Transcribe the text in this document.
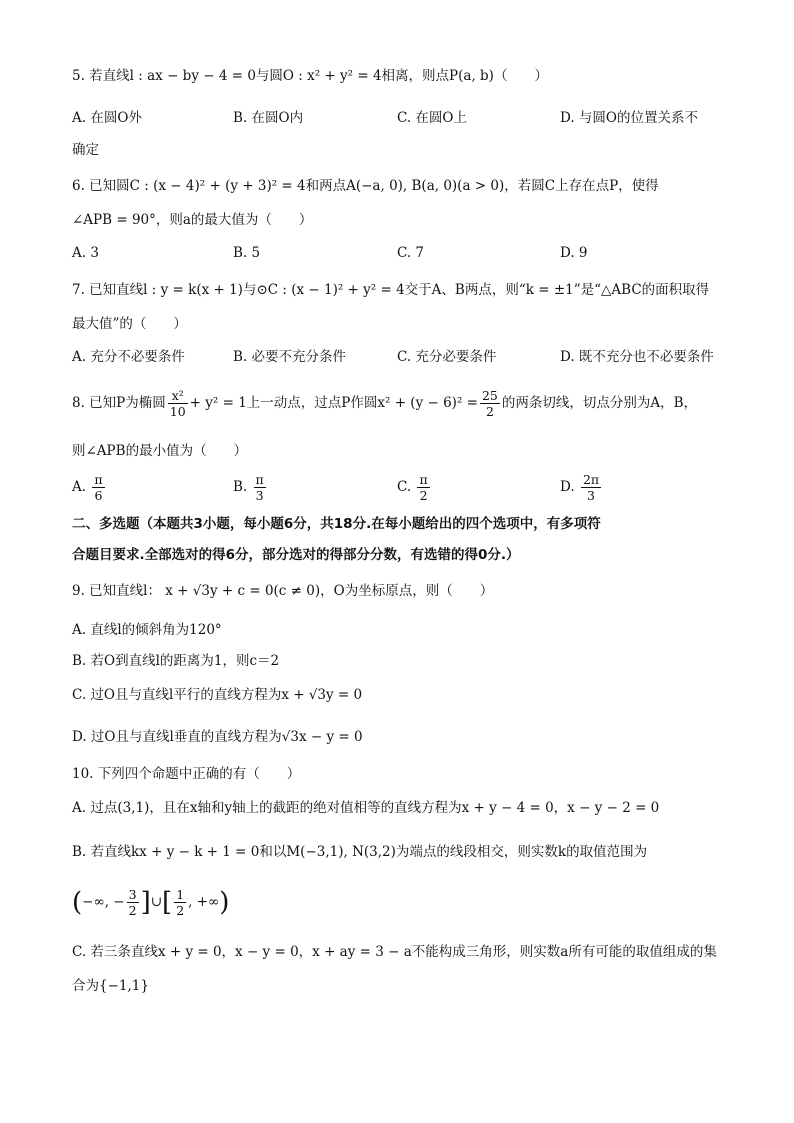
5. 若直线l : ax − by − 4 = 0与圆O : x² + y² = 4相离，则点P(a, b)（　　）
A. 在圆O外	B. 在圆O内	C. 在圆O上	D. 与圆O的位置关系不
确定
6. 已知圆C : (x − 4)² + (y + 3)² = 4和两点A(−a, 0), B(a, 0)(a > 0)，若圆C上存在点P，使得
∠APB = 90°，则a的最大值为（　　）
A. 3	B. 5	C. 7	D. 9
7. 已知直线l : y = k(x + 1)与⊙C : (x − 1)² + y² = 4交于A、B两点，则“k = ±1”是“△ABC的面积取得
最大值”的（　　）
A. 充分不必要条件	B. 必要不充分条件	C. 充分必要条件	D. 既不充分也不必要条件
8. 已知P为椭圆 $\frac{\text{x²}}{10} + y^2 = 1$上一动点，过点P作圆$x^2 + (y - 6)^2 = \frac{25}{2}$ 的两条切线，切点分别为A，B，
则∠APB的最小值为（　　）
A. $\frac{\pi}{6}$	B. $\frac{\pi}{3}$	C. $\frac{\pi}{2}$	D. $\frac{2\pi}{3}$
二、多选题（本题共3小题，每小题6分，共18分.在每小题给出的四个选项中，有多项符
合题目要求.全部选对的得6分，部分选对的得部分分数，有选错的得0分.）
9. 已知直线l： x + √3y + c = 0(c ≠ 0)，O为坐标原点，则（　　）
A. 直线l的倾斜角为120°
B. 若O到直线l的距离为1，则c＝2
C. 过O且与直线l平行的直线方程为x + √3y = 0
D. 过O且与直线l垂直的直线方程为√3x − y = 0
10. 下列四个命题中正确的有（　　）
A. 过点(3,1)，且在x轴和y轴上的截距的绝对值相等的直线方程为x + y − 4 = 0，x − y − 2 = 0
B. 若直线kx + y − k + 1 = 0和以M(−3,1), N(3,2)为端点的线段相交，则实数k的取值范围为
(−∞, − $\frac{3}{2}$ ]∪[ $\frac{1}{2}$ , +∞)
C. 若三条直线x + y = 0，x − y = 0，x + ay = 3 − a不能构成三角形，则实数a所有可能的取值组成的集
合为{−1,1}
